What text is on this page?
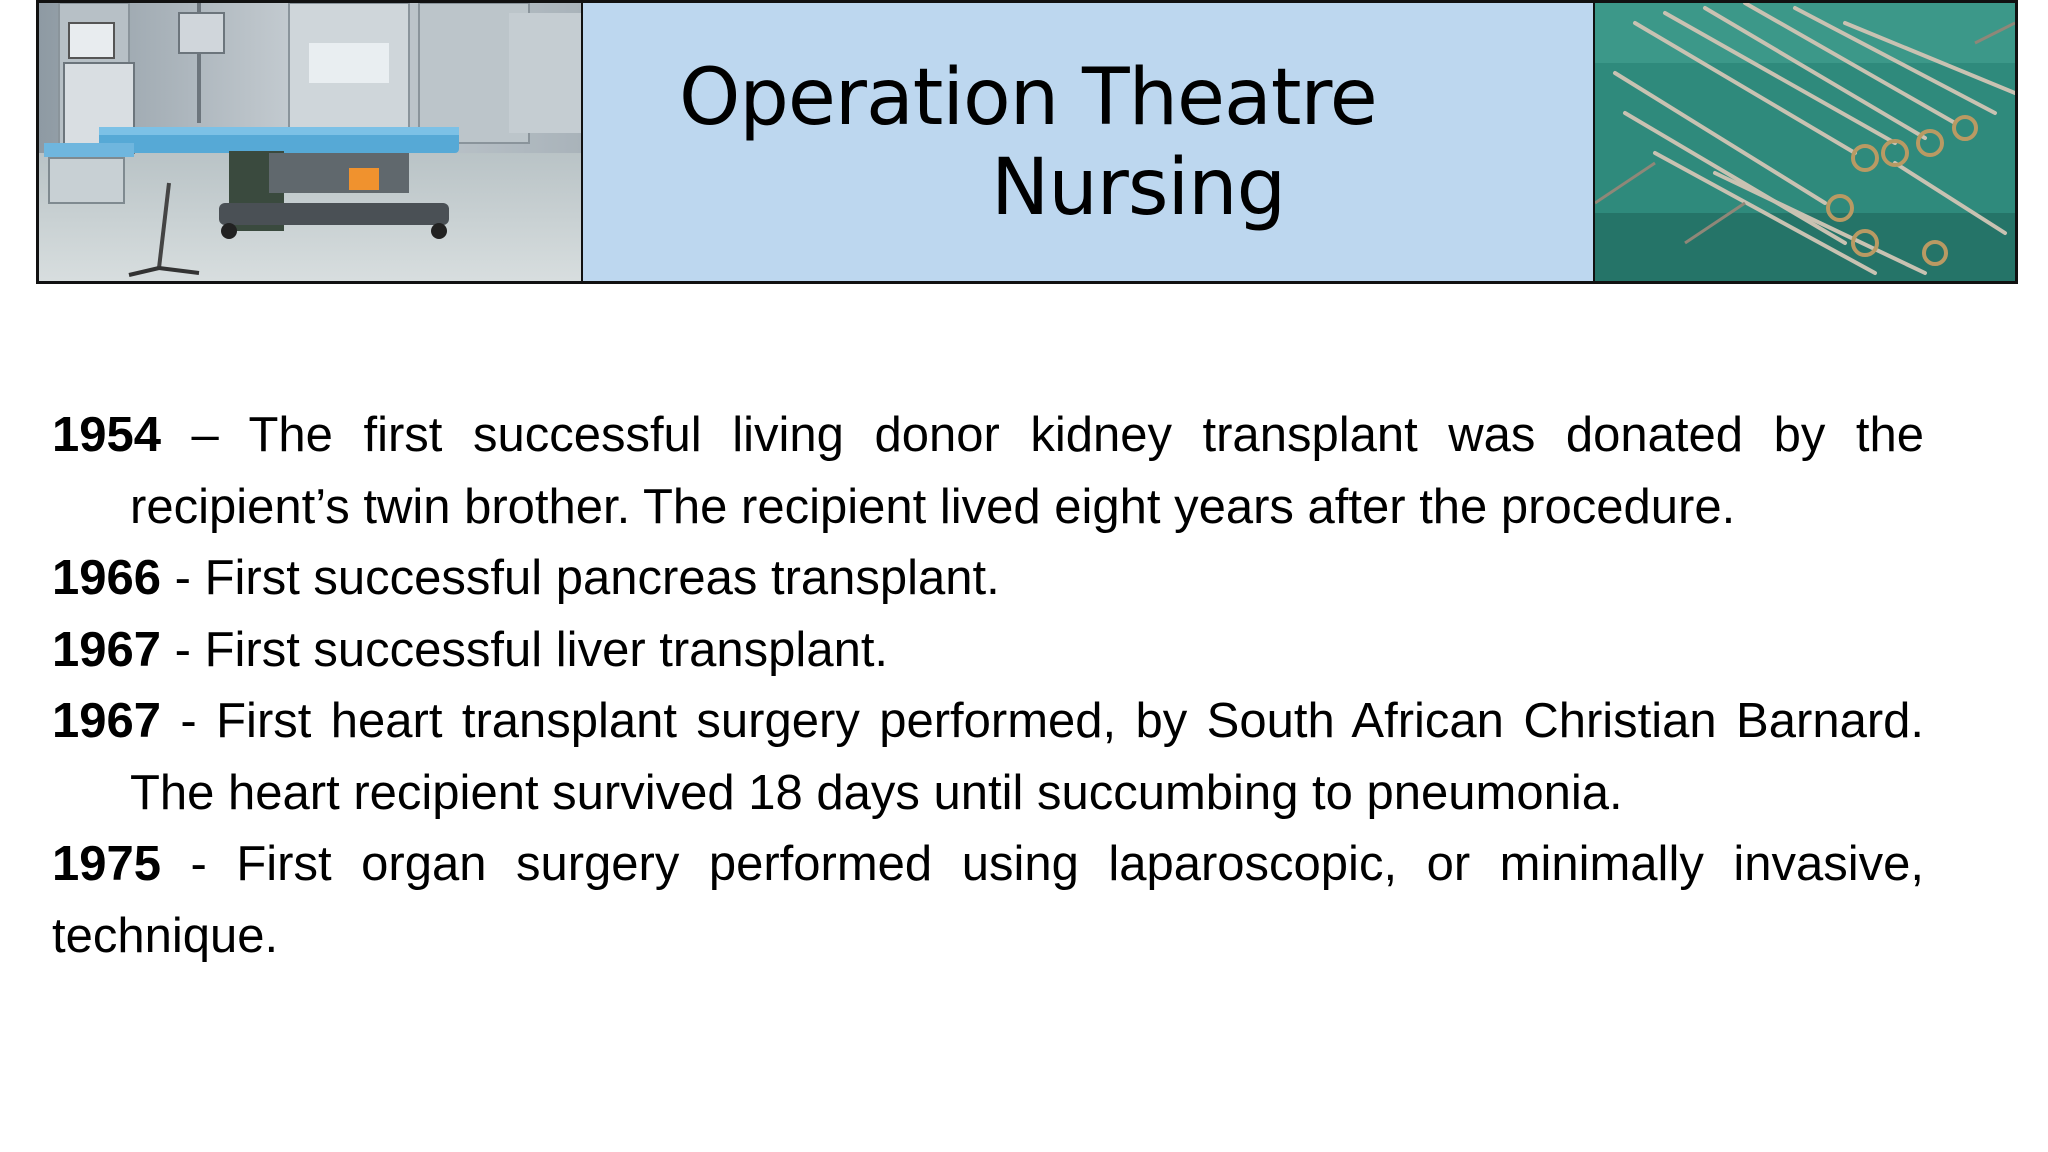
Operation Theatre
Nursing
1954 – The first successful living donor kidney transplant was donated by the recipient’s twin brother. The recipient lived eight years after the procedure.
1966 - First successful pancreas transplant.
1967 - First successful liver transplant.
1967 - First heart transplant surgery performed, by South African Christian Barnard. The heart recipient survived 18 days until succumbing to pneumonia.
1975 - First organ surgery performed using laparoscopic, or minimally invasive, technique.
